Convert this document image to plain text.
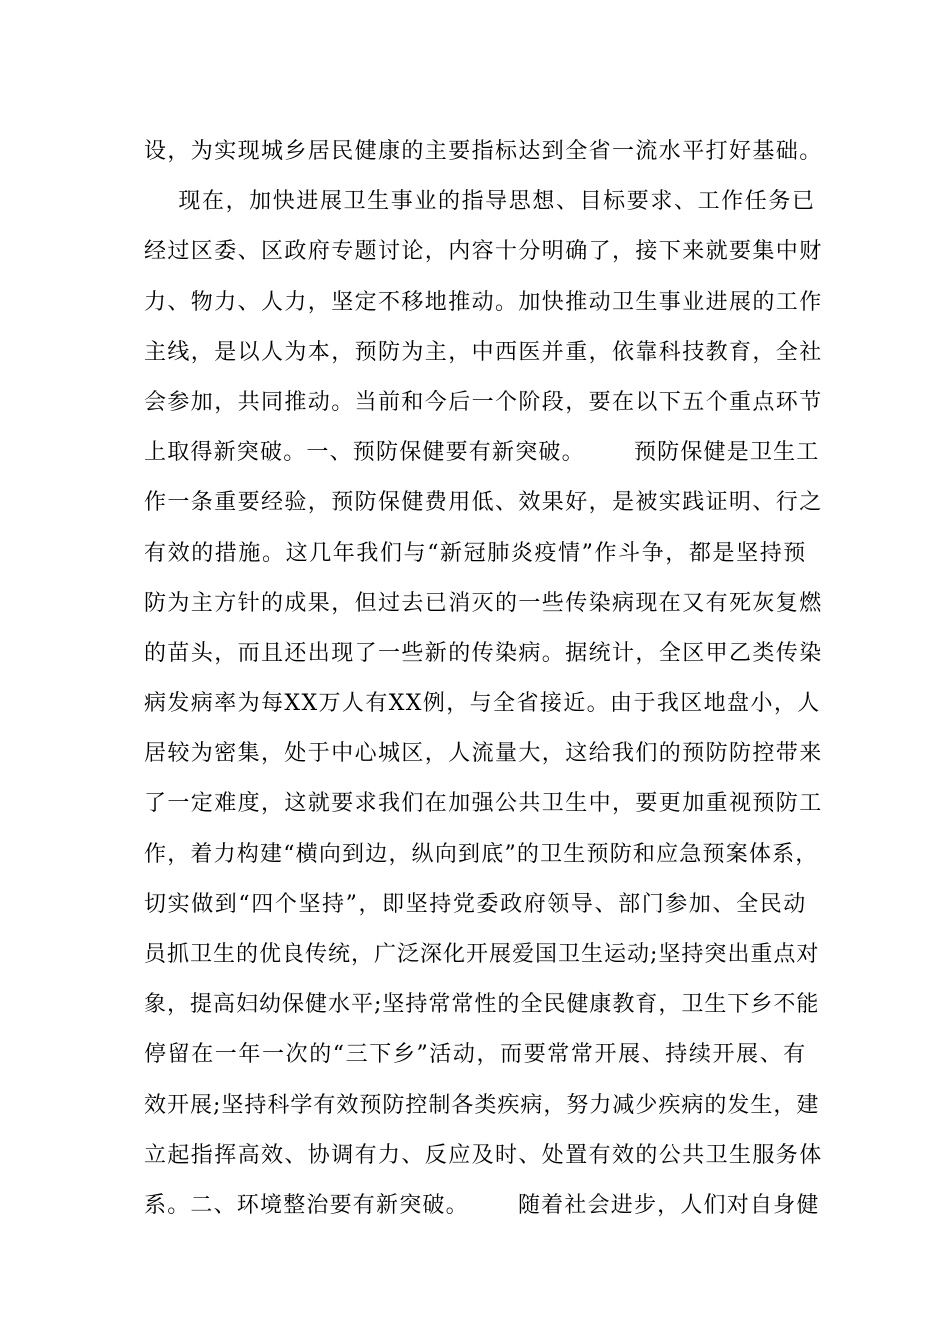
设，为实现城乡居民健康的主要指标达到全省一流水平打好基础。
现在，加快进展卫生事业的指导思想、目标要求、工作任务已
经过区委、区政府专题讨论，内容十分明确了，接下来就要集中财
力、物力、人力，坚定不移地推动。加快推动卫生事业进展的工作
主线，是以人为本，预防为主，中西医并重，依靠科技教育，全社
会参加，共同推动。当前和今后一个阶段，要在以下五个重点环节
上取得新突破。一、预防保健要有新突破。      预防保健是卫生工
作一条重要经验，预防保健费用低、效果好，是被实践证明、行之
有效的措施。这几年我们与“新冠肺炎疫情”作斗争，都是坚持预
防为主方针的成果，但过去已消灭的一些传染病现在又有死灰复燃
的苗头，而且还出现了一些新的传染病。据统计，全区甲乙类传染
病发病率为每XX万人有XX例，与全省接近。由于我区地盘小，人
居较为密集，处于中心城区，人流量大，这给我们的预防防控带来
了一定难度，这就要求我们在加强公共卫生中，要更加重视预防工
作，着力构建“横向到边，纵向到底”的卫生预防和应急预案体系，
切实做到“四个坚持”，即坚持党委政府领导、部门参加、全民动
员抓卫生的优良传统，广泛深化开展爱国卫生运动;坚持突出重点对
象，提高妇幼保健水平;坚持常常性的全民健康教育，卫生下乡不能
停留在一年一次的“三下乡”活动，而要常常开展、持续开展、有
效开展;坚持科学有效预防控制各类疾病，努力减少疾病的发生，建
立起指挥高效、协调有力、反应及时、处置有效的公共卫生服务体
系。二、环境整治要有新突破。      随着社会进步，人们对自身健
